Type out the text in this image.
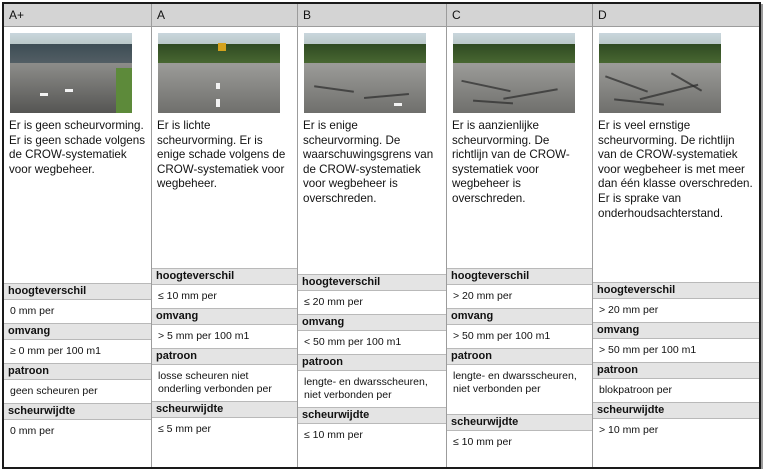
A+
Er is geen scheurvorming. Er is geen schade volgens de CROW-systematiek voor wegbeheer.
hoogteverschil
0 mm per
omvang
≥ 0 mm per 100 m1
patroon
geen scheuren per
scheurwijdte
0 mm per
A
Er is lichte scheurvorming. Er is enige schade volgens de CROW-systematiek voor wegbeheer.
hoogteverschil
≤ 10 mm per
omvang
> 5 mm per 100 m1
patroon
losse scheuren niet onderling verbonden per
scheurwijdte
≤ 5 mm per
B
Er is enige scheurvorming. De waarschuwingsgrens van de CROW-systematiek voor wegbeheer is overschreden.
hoogteverschil
≤ 20 mm per
omvang
< 50 mm per 100 m1
patroon
lengte- en dwarsscheuren, niet verbonden per
scheurwijdte
≤ 10 mm per
C
Er is aanzienlijke scheurvorming. De richtlijn van de CROW-systematiek voor wegbeheer is overschreden.
hoogteverschil
> 20 mm per
omvang
> 50 mm per 100 m1
patroon
lengte- en dwarsscheuren, niet verbonden per
scheurwijdte
≤ 10 mm per
D
Er is veel ernstige scheurvorming. De richtlijn van de CROW-systematiek voor wegbeheer is met meer dan één klasse overschreden. Er is sprake van onderhoudsachterstand.
hoogteverschil
> 20 mm per
omvang
> 50 mm per 100 m1
patroon
blokpatroon per
scheurwijdte
> 10 mm per
